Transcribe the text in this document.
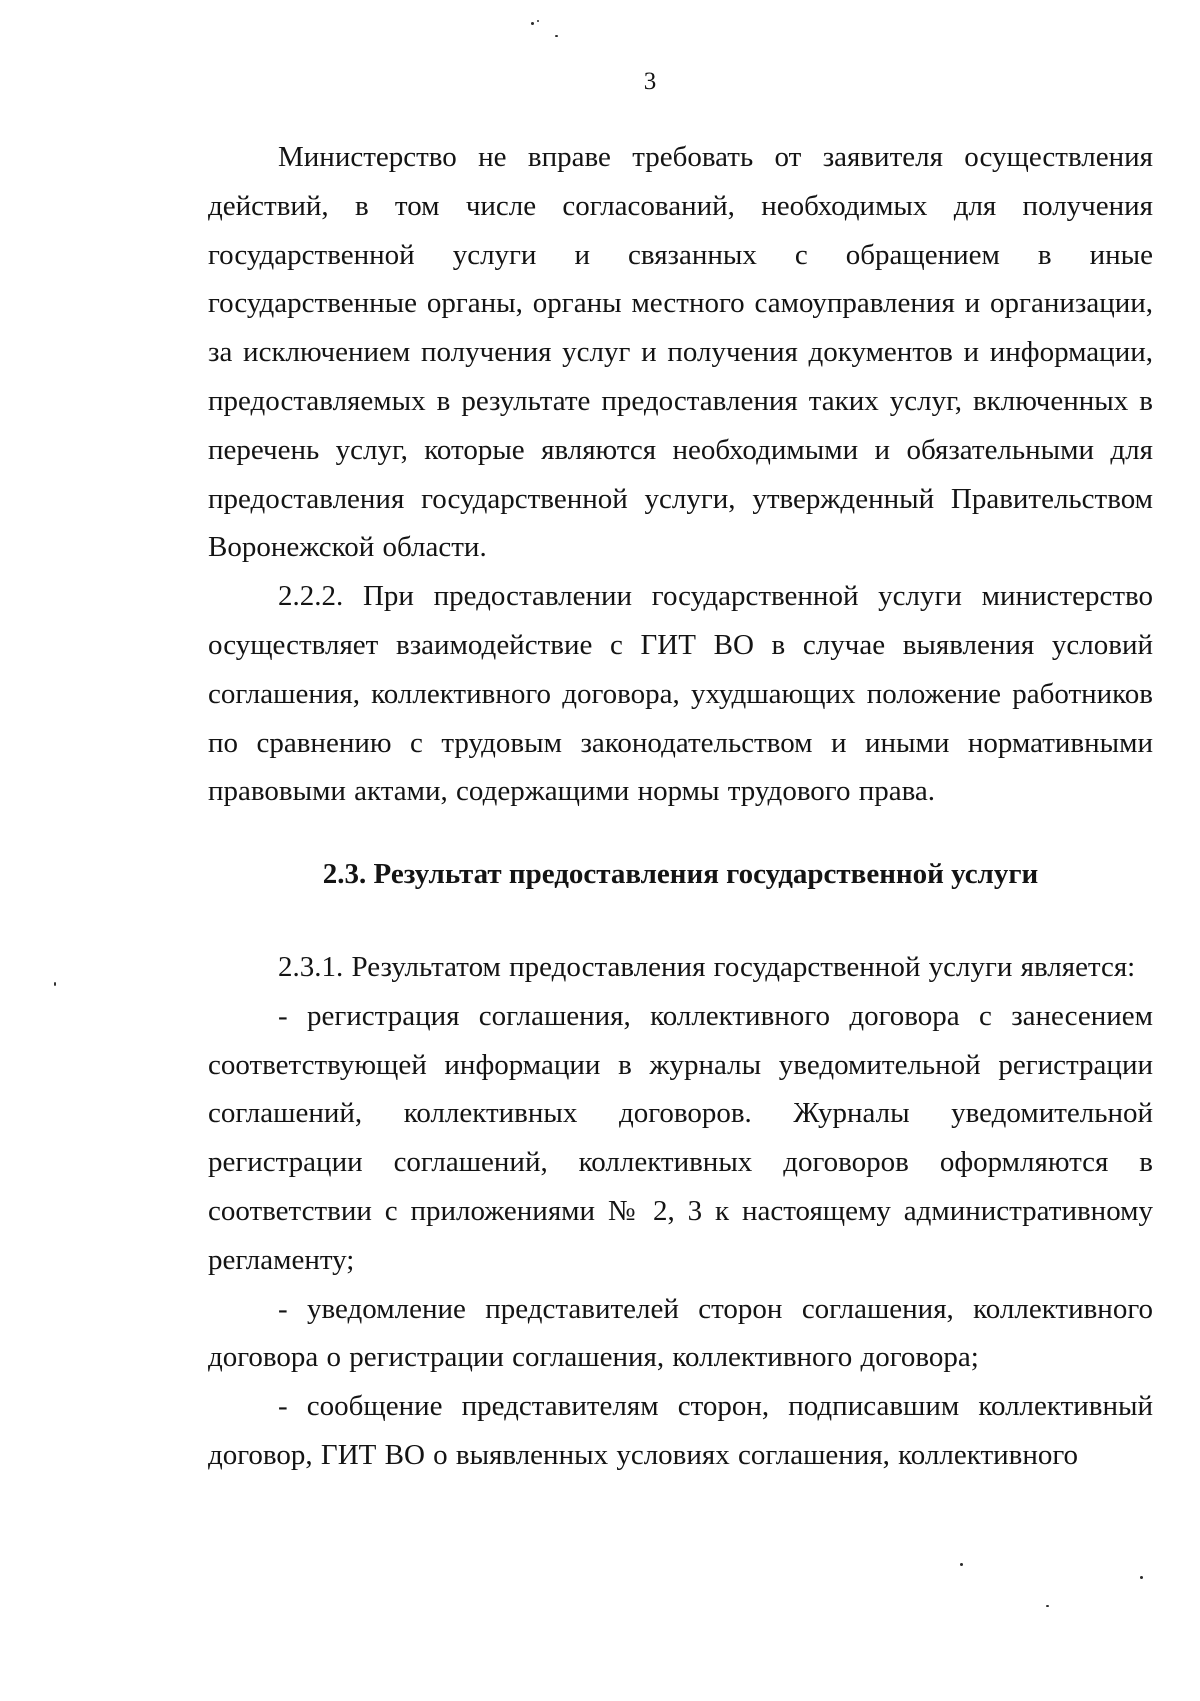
3

Министерство не вправе требовать от заявителя осуществления действий, в том числе согласований, необходимых для получения государственной услуги и связанных с обращением в иные государственные органы, органы местного самоуправления и организации, за исключением получения услуг и получения документов и информации, предоставляемых в результате предоставления таких услуг, включенных в перечень услуг, которые являются необходимыми и обязательными для предоставления государственной услуги, утвержденный Правительством Воронежской области.

2.2.2. При предоставлении государственной услуги министерство осуществляет взаимодействие с ГИТ ВО в случае выявления условий соглашения, коллективного договора, ухудшающих положение работников по сравнению с трудовым законодательством и иными нормативными правовыми актами, содержащими нормы трудового права.

2.3. Результат предоставления государственной услуги

2.3.1. Результатом предоставления государственной услуги является:

- регистрация соглашения, коллективного договора с занесением соответствующей информации в журналы уведомительной регистрации соглашений, коллективных договоров. Журналы уведомительной регистрации соглашений, коллективных договоров оформляются в соответствии с приложениями № 2, 3 к настоящему административному регламенту;

- уведомление представителей сторон соглашения, коллективного договора о регистрации соглашения, коллективного договора;

- сообщение представителям сторон, подписавшим коллективный договор, ГИТ ВО о выявленных условиях соглашения, коллективного
